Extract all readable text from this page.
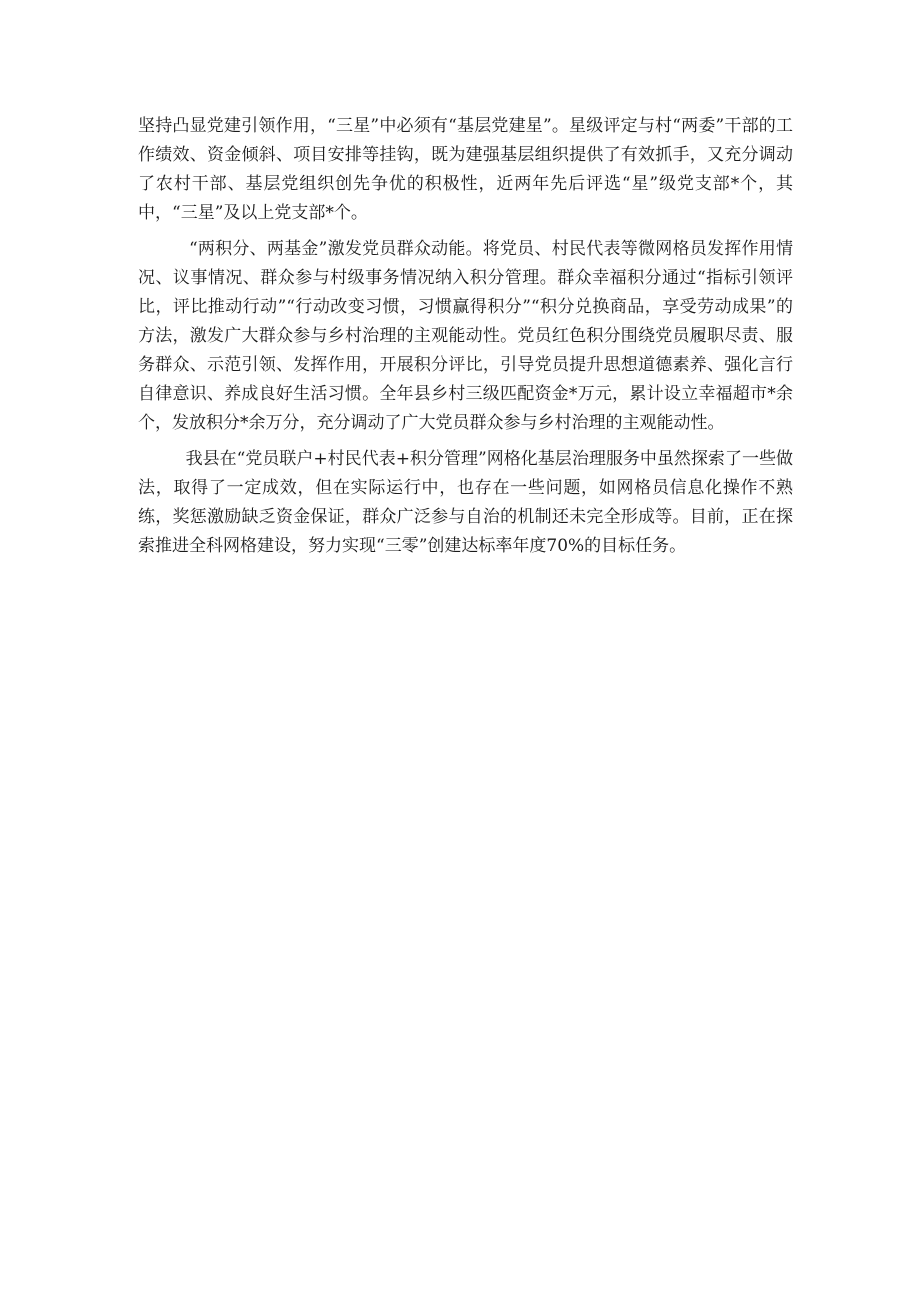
坚持凸显党建引领作用，“三星”中必须有“基层党建星”。星级评定与村“两委”干部的工作绩效、资金倾斜、项目安排等挂钩，既为建强基层组织提供了有效抓手，又充分调动了农村干部、基层党组织创先争优的积极性，近两年先后评选“星”级党支部*个，其中，“三星”及以上党支部*个。

“两积分、两基金”激发党员群众动能。将党员、村民代表等微网格员发挥作用情况、议事情况、群众参与村级事务情况纳入积分管理。群众幸福积分通过“指标引领评比，评比推动行动”“行动改变习惯，习惯赢得积分”“积分兑换商品，享受劳动成果”的方法，激发广大群众参与乡村治理的主观能动性。党员红色积分围绕党员履职尽责、服务群众、示范引领、发挥作用，开展积分评比，引导党员提升思想道德素养、强化言行自律意识、养成良好生活习惯。全年县乡村三级匹配资金*万元，累计设立幸福超市*余个，发放积分*余万分，充分调动了广大党员群众参与乡村治理的主观能动性。

我县在“党员联户+村民代表+积分管理”网格化基层治理服务中虽然探索了一些做法，取得了一定成效，但在实际运行中，也存在一些问题，如网格员信息化操作不熟练，奖惩激励缺乏资金保证，群众广泛参与自治的机制还未完全形成等。目前，正在探索推进全科网格建设，努力实现“三零”创建达标率年度70%的目标任务。
